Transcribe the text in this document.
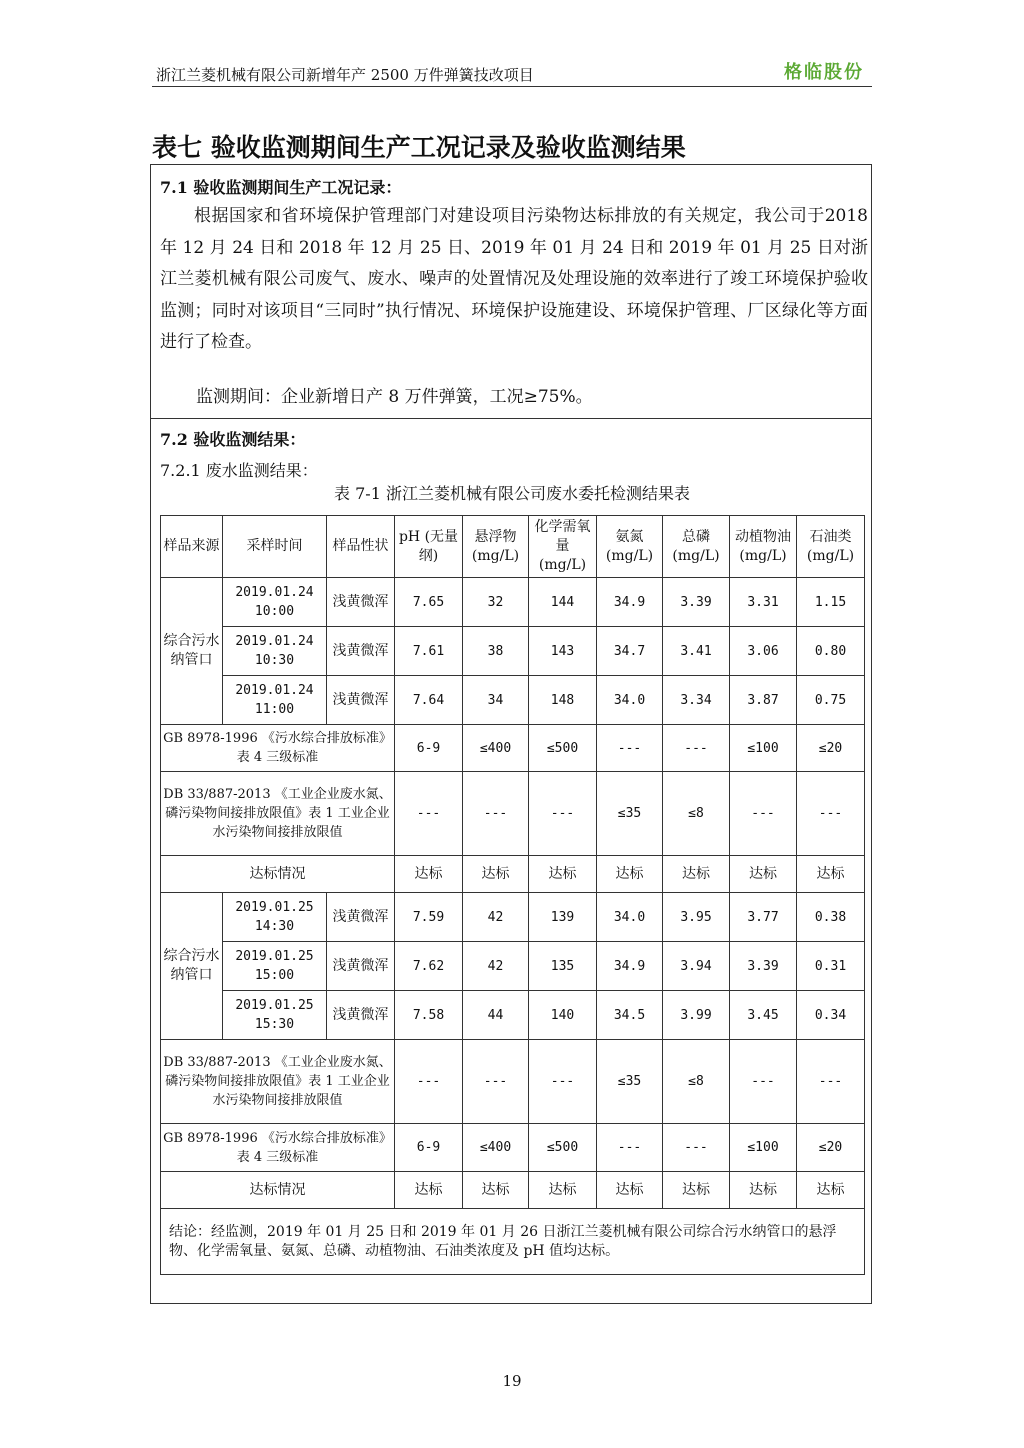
浙江兰菱机械有限公司新增年产 2500 万件弹簧技改项目	格临股份
表七 验收监测期间生产工况记录及验收监测结果
7.1 验收监测期间生产工况记录：

根据国家和省环境保护管理部门对建设项目污染物达标排放的有关规定，我公司于2018 年 12 月 24 日和 2018 年 12 月 25 日、2019 年 01 月 24 日和 2019 年 01 月 25 日对浙江兰菱机械有限公司废气、废水、噪声的处置情况及处理设施的效率进行了竣工环境保护验收监测；同时对该项目“三同时”执行情况、环境保护设施建设、环境保护管理、厂区绿化等方面进行了检查。

监测期间：企业新增日产 8 万件弹簧，工况≥75%。
7.2 验收监测结果：
7.2.1 废水监测结果：
表 7-1 浙江兰菱机械有限公司废水委托检测结果表
样品来源	采样时间	样品性状	pH (无量纲)	悬浮物 (mg/L)	化学需氧量 (mg/L)	氨氮 (mg/L)	总磷 (mg/L)	动植物油 (mg/L)	石油类 (mg/L)
综合污水纳管口	2019.01.24 10:00	浅黄微浑	7.65	32	144	34.9	3.39	3.31	1.15
	2019.01.24 10:30	浅黄微浑	7.61	38	143	34.7	3.41	3.06	0.80
	2019.01.24 11:00	浅黄微浑	7.64	34	148	34.0	3.34	3.87	0.75
GB 8978-1996 《污水综合排放标准》表 4 三级标准			6-9	≤400	≤500	---	---	≤100	≤20
DB 33/887-2013 《工业企业废水氮、磷污染物间接排放限值》表 1 工业企业水污染物间接排放限值			---	---	---	≤35	≤8	---	---
达标情况			达标	达标	达标	达标	达标	达标	达标
综合污水纳管口	2019.01.25 14:30	浅黄微浑	7.59	42	139	34.0	3.95	3.77	0.38
	2019.01.25 15:00	浅黄微浑	7.62	42	135	34.9	3.94	3.39	0.31
	2019.01.25 15:30	浅黄微浑	7.58	44	140	34.5	3.99	3.45	0.34
DB 33/887-2013 《工业企业废水氮、磷污染物间接排放限值》表 1 工业企业水污染物间接排放限值			---	---	---	≤35	≤8	---	---
GB 8978-1996 《污水综合排放标准》表 4 三级标准			6-9	≤400	≤500	---	---	≤100	≤20
达标情况			达标	达标	达标	达标	达标	达标	达标
结论：经监测，2019 年 01 月 25 日和 2019 年 01 月 26 日浙江兰菱机械有限公司综合污水纳管口的悬浮物、化学需氧量、氨氮、总磷、动植物油、石油类浓度及 pH 值均达标。									
19
